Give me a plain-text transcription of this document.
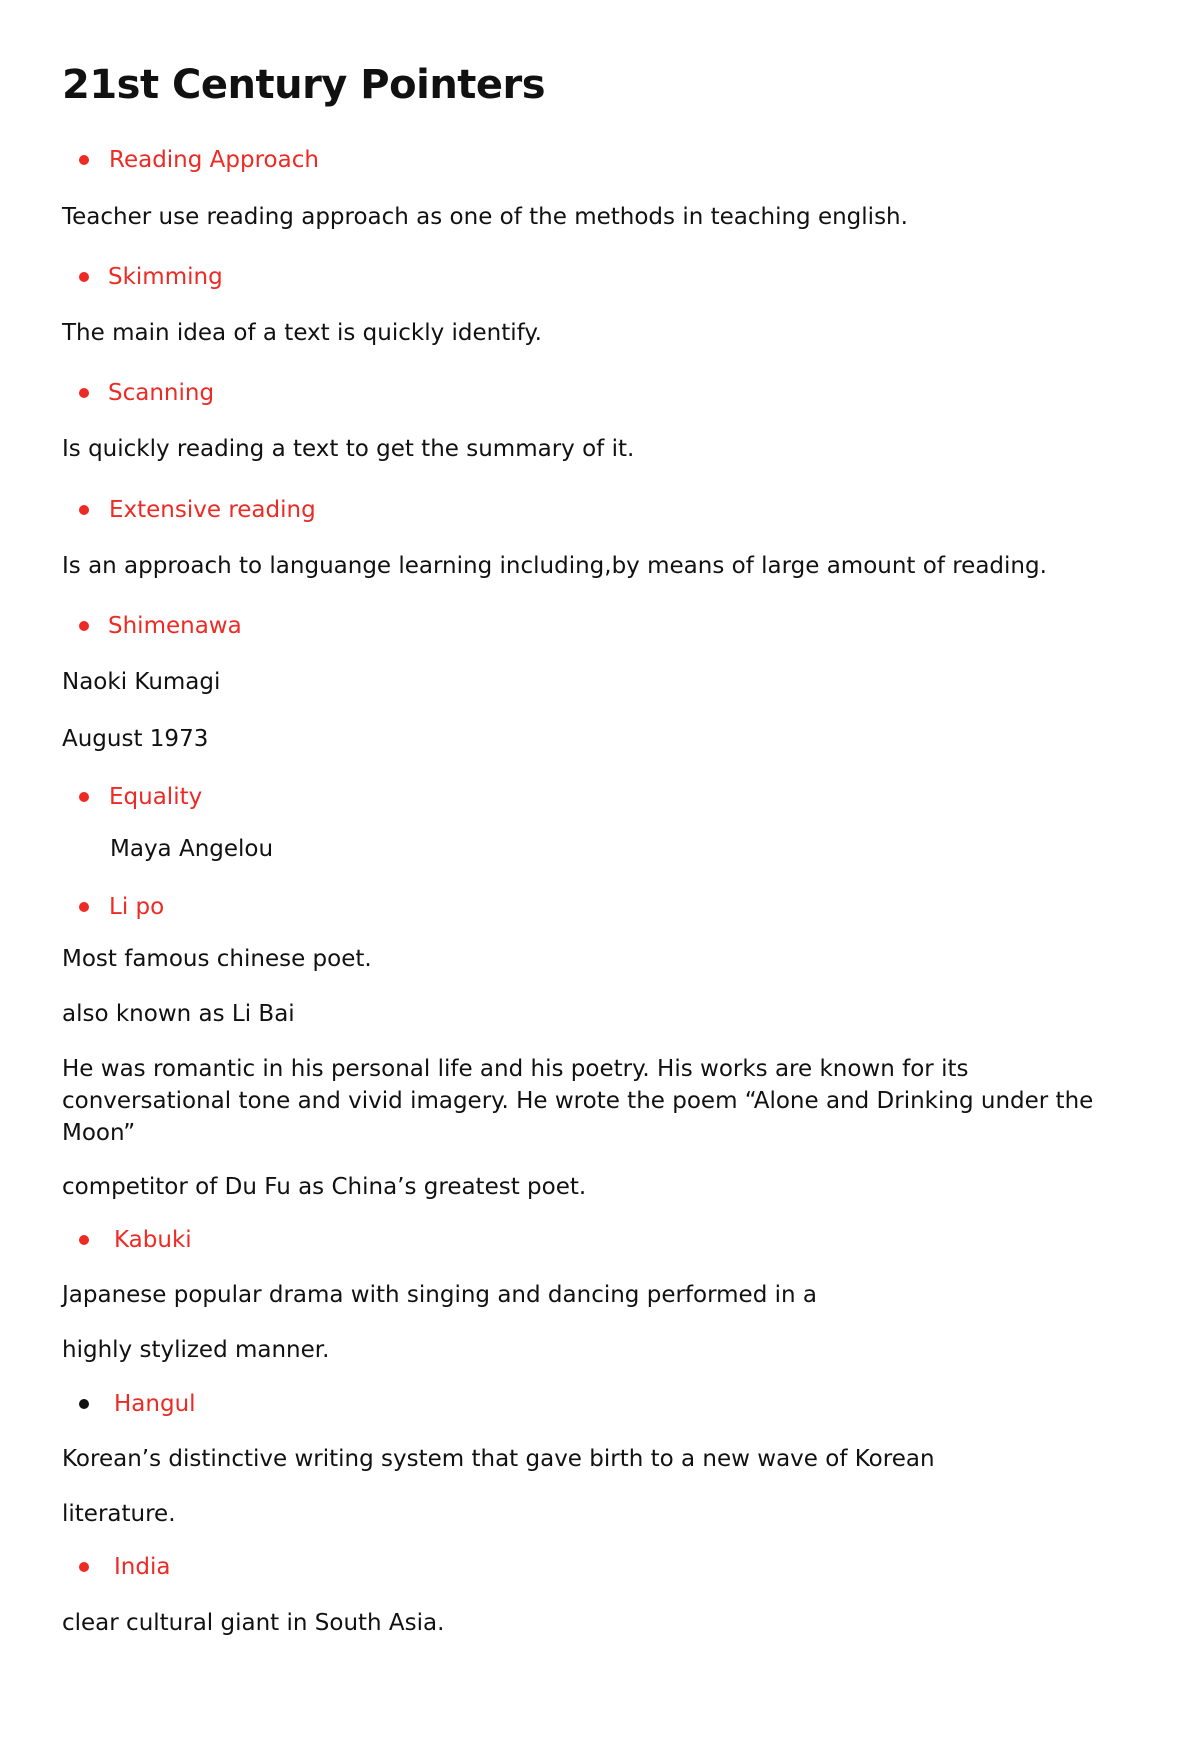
21st Century Pointers
Reading Approach
Teacher use reading approach as one of the methods in teaching english.
Skimming
The main idea of a text is quickly identify.
Scanning
Is quickly reading a text to get the summary of it.
Extensive reading
Is an approach to languange learning including,by means of large amount of reading.
Shimenawa
Naoki Kumagi
August 1973
Equality
Maya Angelou
Li po
Most famous chinese poet.
also known as Li Bai
He was romantic in his personal life and his poetry. His works are known for its conversational tone and vivid imagery. He wrote the poem “Alone and Drinking under the Moon”
competitor of Du Fu as China’s greatest poet.
Kabuki
Japanese popular drama with singing and dancing performed in a
highly stylized manner.
Hangul
Korean’s distinctive writing system that gave birth to a new wave of Korean
literature.
India
clear cultural giant in South Asia.
